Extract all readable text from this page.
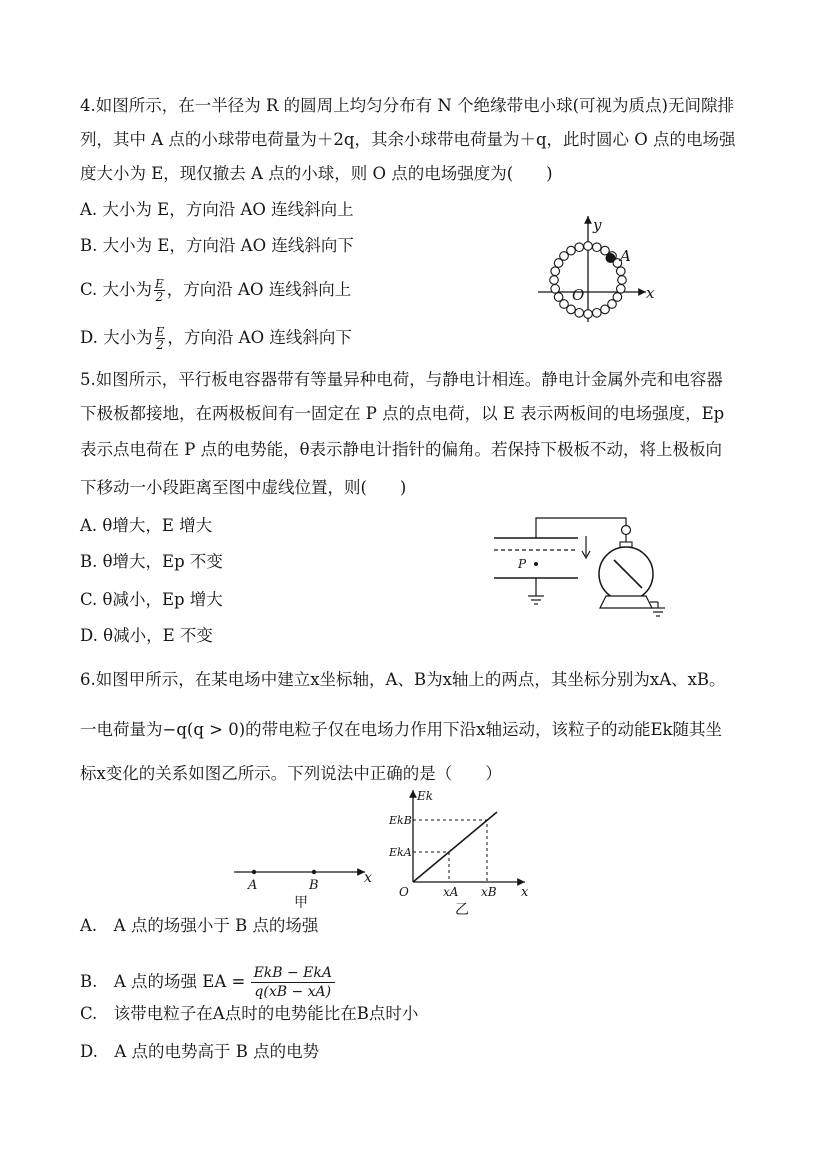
4.如图所示，在一半径为 R 的圆周上均匀分布有 N 个绝缘带电小球(可视为质点)无间隙排
列，其中 A 点的小球带电荷量为＋2q，其余小球带电荷量为＋q，此时圆心 O 点的电场强
度大小为 E，现仅撤去 A 点的小球，则 O 点的电场强度为(　　)
A. 大小为 E，方向沿 AO 连线斜向上
B. 大小为 E，方向沿 AO 连线斜向下
C. 大小为 $\frac{E}{2}$ ，方向沿 AO 连线斜向上
D. 大小为 $\frac{E}{2}$ ，方向沿 AO 连线斜向下
y
A
O	x
5.如图所示，平行板电容器带有等量异种电荷，与静电计相连。静电计金属外壳和电容器
下极板都接地，在两极板间有一固定在 P 点的点电荷，以 E 表示两板间的电场强度，Ep
表示点电荷在 P 点的电势能，θ表示静电计指针的偏角。若保持下极板不动，将上极板向
下移动一小段距离至图中虚线位置，则(　　)
A. θ增大，E 增大
B. θ增大，Ep 不变
C. θ减小，Ep 增大
D. θ减小，E 不变
P
6.如图甲所示，在某电场中建立x坐标轴，A、B为x轴上的两点，其坐标分别为xA、xB。
一电荷量为−q(q > 0)的带电粒子仅在电场力作用下沿x轴运动，该粒子的动能Ek随其坐
标x变化的关系如图乙所示。下列说法中正确的是（　　）
A	B	x
甲
Ek
EkB
EkA
O	xA xB x
乙
A.　A 点的场强小于 B 点的场强
B.　A 点的场强 EA = EkB − EkA
q(xB − xA)
C.　该带电粒子在A点时的电势能比在B点时小
D.　A 点的电势高于 B 点的电势
